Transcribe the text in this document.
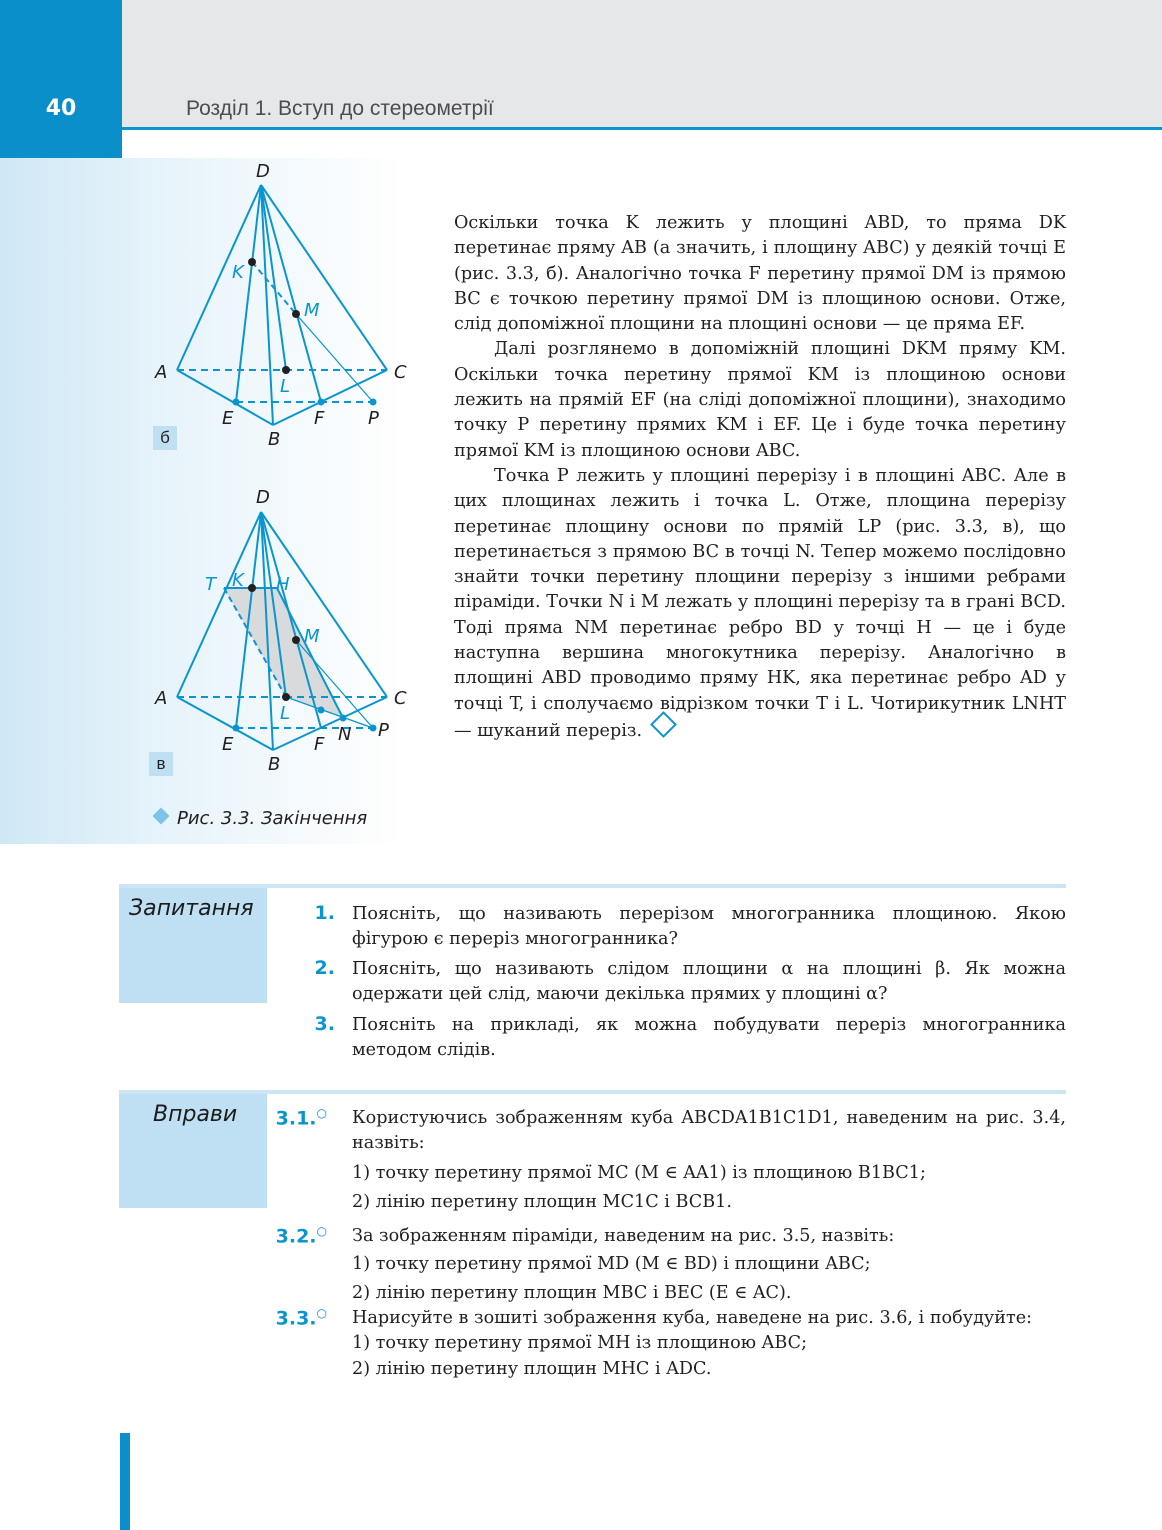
40	Розділ 1. Вступ до стереометрії
D
K
M
A	C
L
E	F P
B
б
D
T K H
M
A	C
L
E	F N P
B
в
Рис. 3.3. Закінчення

Оскільки точка K лежить у площині ABD, то пряма DK перетинає пряму AB (а значить, і площину ABC) у деякій точці E (рис. 3.3, б). Аналогічно точка F перетину прямої DM із прямою BC є точкою перетину прямої DM із площиною основи. Отже, слід допоміжної площини на площині основи — це пряма EF.

Далі розглянемо в допоміжній площині DKM пряму KM. Оскільки точка перетину прямої KM із площиною основи лежить на прямій EF (на сліді допоміжної площини), знаходимо точку P перетину прямих KM і EF. Це і буде точка перетину прямої KM із площиною основи ABC.

Точка P лежить у площині перерізу і в площині ABC. Але в цих площинах лежить і точка L. Отже, площина перерізу перетинає площину основи по прямій LP (рис. 3.3, в), що перетинається з прямою BC в точці N. Тепер можемо послідовно знайти точки перетину площини перерізу з іншими ребрами піраміди. Точки N і M лежать у площині перерізу та в грані BCD. Тоді пряма NM перетинає ребро BD у точці H — це і буде наступна вершина многокутника перерізу. Аналогічно в площині ABD проводимо пряму HK, яка перетинає ребро AD у точці T, і сполучаємо відрізком точки T і L. Чотирикутник LNHT — шуканий переріз.

Запитання	1. Поясніть, що називають перерізом многогранника площиною. Якою фігурою є переріз многогранника?
2. Поясніть, що називають слідом площини α на площині β. Як можна одержати цей слід, маючи декілька прямих у площині α?
3. Поясніть на прикладі, як можна побудувати переріз многогранника методом слідів.
Вправи	3.1.○ Користуючись зображенням куба ABCDA1B1C1D1, наведеним на рис. 3.4, назвіть:
1) точку перетину прямої MC (M ∈ AA1) із площиною B1BC1;
2) лінію перетину площин MC1C і BCB1.
3.2.○ За зображенням піраміди, наведеним на рис. 3.5, назвіть:
1) точку перетину прямої MD (M ∈ BD) і площини ABC;
2) лінію перетину площин MBC і BEC (E ∈ AC).
3.3.○ Нарисуйте в зошиті зображення куба, наведене на рис. 3.6, і побудуйте:
1) точку перетину прямої MH із площиною ABC;
2) лінію перетину площин MHC і ADC.
